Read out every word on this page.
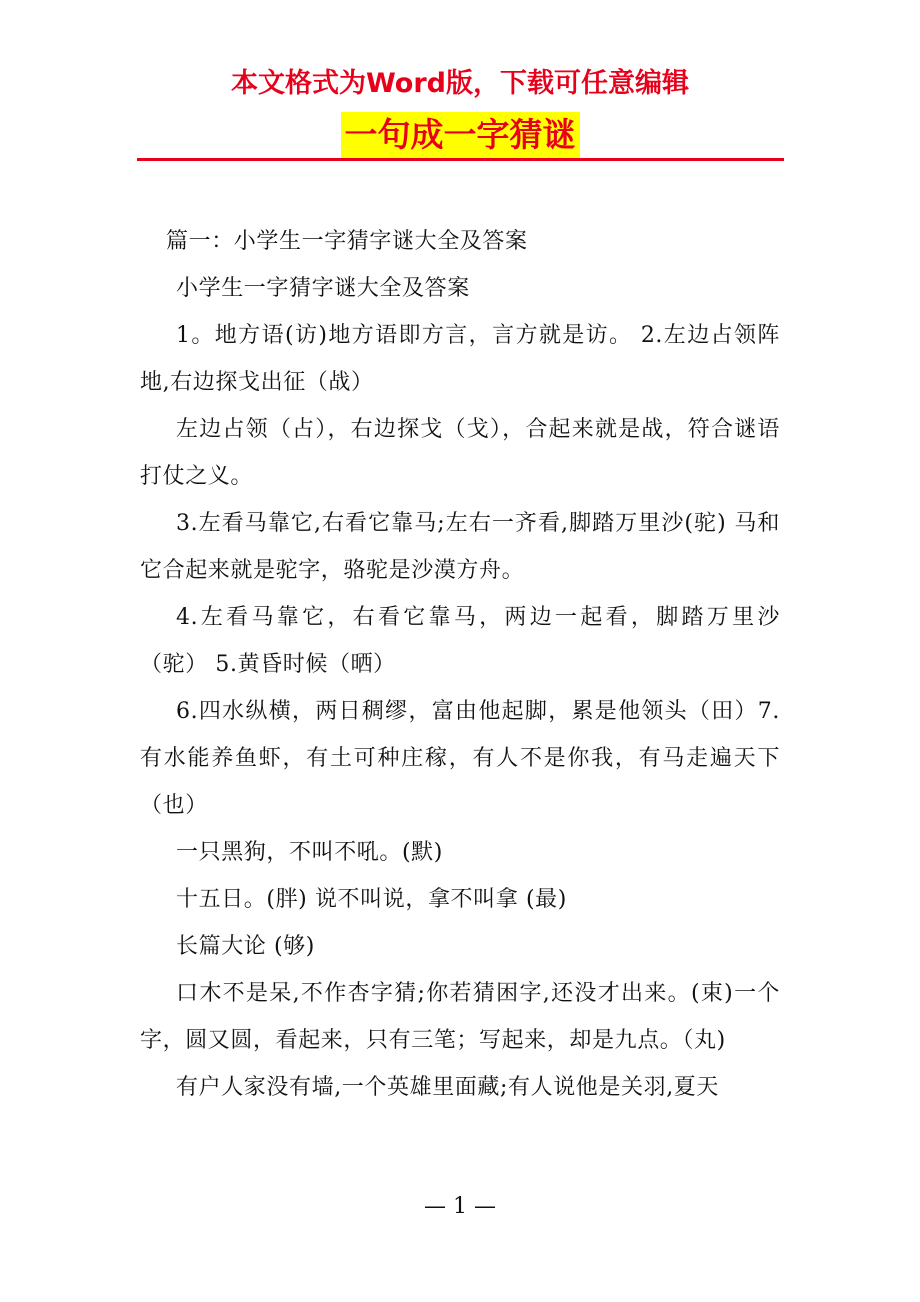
本文格式为Word版，下载可任意编辑
一句成一字猜谜

篇一：小学生一字猜字谜大全及答案

小学生一字猜字谜大全及答案

1。地方语(访)地方语即方言，言方就是访。 2.左边占领阵地,右边探戈出征（战）

左边占领（占），右边探戈（戈），合起来就是战，符合谜语打仗之义。

3.左看马靠它,右看它靠马;左右一齐看,脚踏万里沙(驼) 马和它合起来就是驼字，骆驼是沙漠方舟。

4.左看马靠它，右看它靠马，两边一起看，脚踏万里沙（驼） 5.黄昏时候（晒）

6.四水纵横，两日稠缪，富由他起脚，累是他领头（田）7.有水能养鱼虾，有土可种庄稼，有人不是你我，有马走遍天下（也）

一只黑狗，不叫不吼。(默)

十五日。(胖) 说不叫说，拿不叫拿 (最)

长篇大论 (够)

口木不是呆,不作杏字猜;你若猜困字,还没才出来。(束)一个字，圆又圆，看起来，只有三笔；写起来，却是九点。（丸)

有户人家没有墙,一个英雄里面藏;有人说他是关羽,夏天

— 1 —
